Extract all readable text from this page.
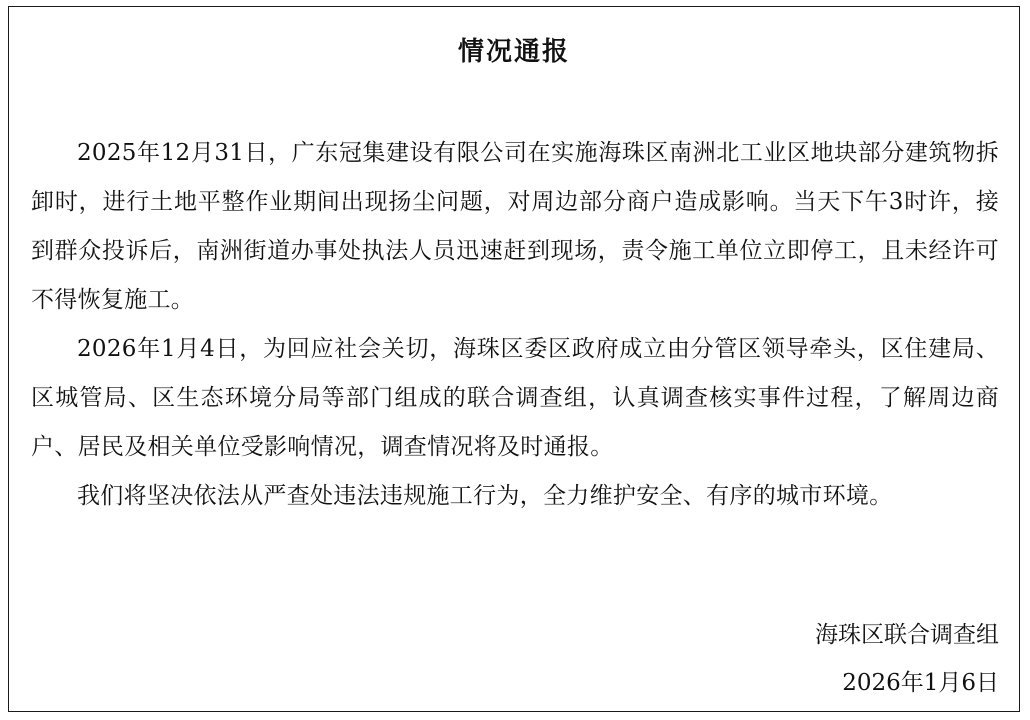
情况通报

2025年12月31日，广东冠集建设有限公司在实施海珠区南洲北工业区地块部分建筑物拆卸时，进行土地平整作业期间出现扬尘问题，对周边部分商户造成影响。当天下午3时许，接到群众投诉后，南洲街道办事处执法人员迅速赶到现场，责令施工单位立即停工，且未经许可不得恢复施工。

2026年1月4日，为回应社会关切，海珠区委区政府成立由分管区领导牵头，区住建局、区城管局、区生态环境分局等部门组成的联合调查组，认真调查核实事件过程，了解周边商户、居民及相关单位受影响情况，调查情况将及时通报。

我们将坚决依法从严查处违法违规施工行为，全力维护安全、有序的城市环境。

海珠区联合调查组
2026年1月6日
